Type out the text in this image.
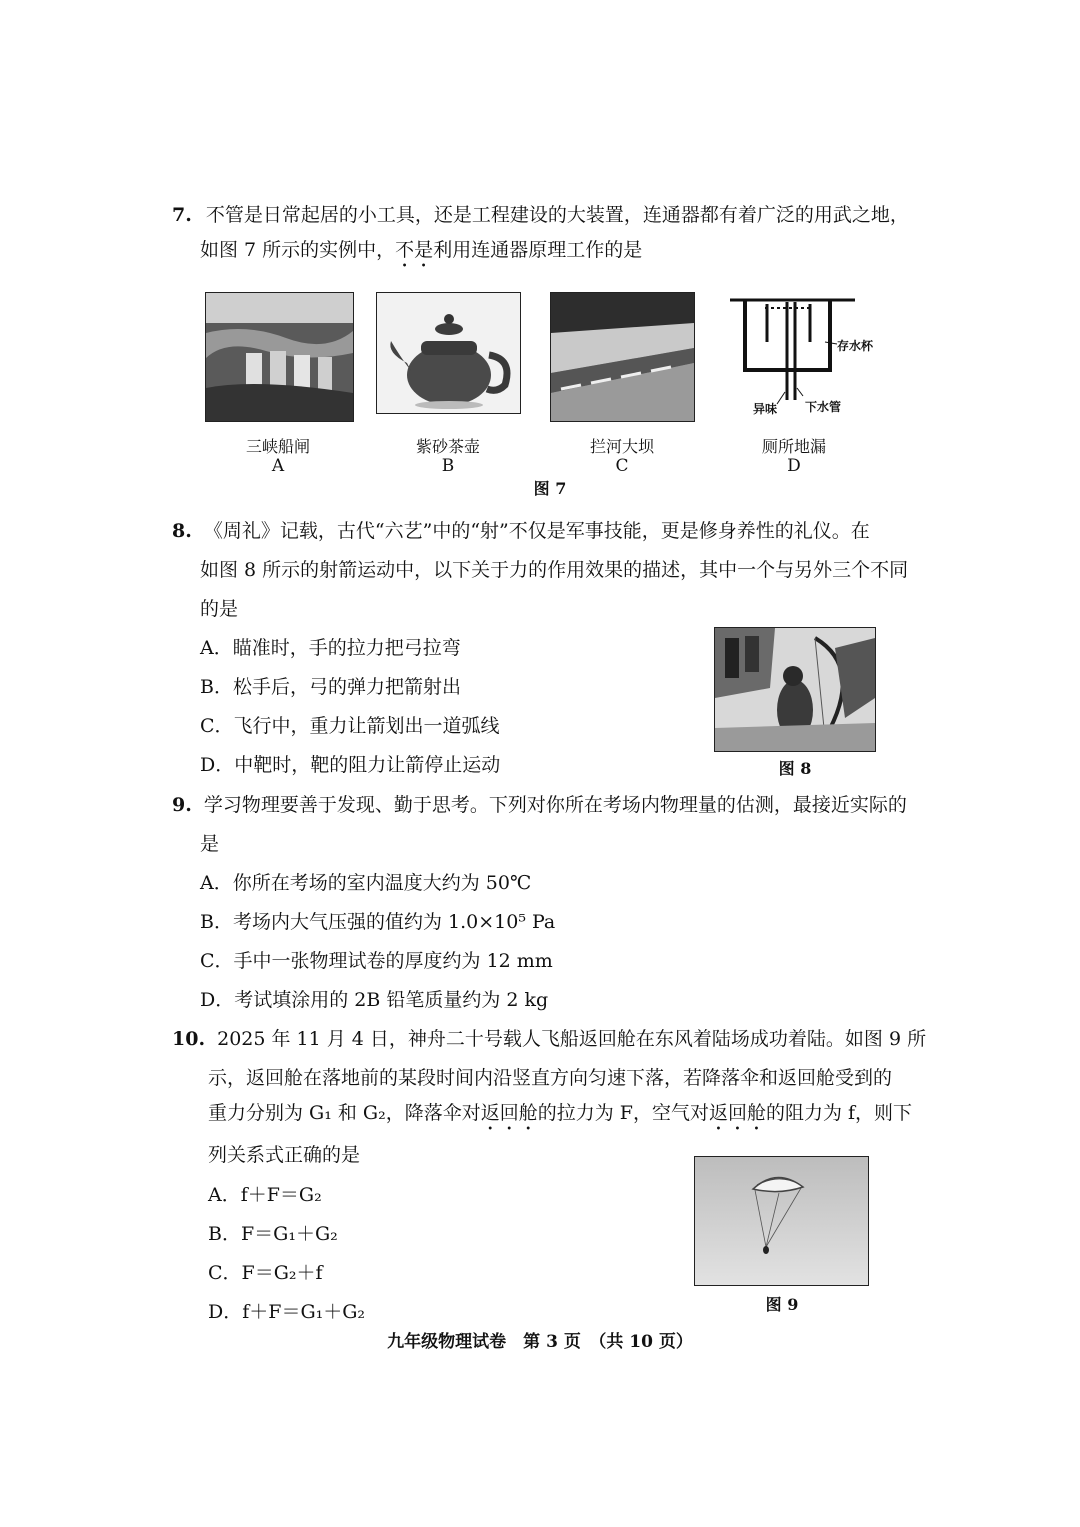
7. 不管是日常起居的小工具，还是工程建设的大装置，连通器都有着广泛的用武之地，
如图 7 所示的实例中，不是利用连通器原理工作的是
存水杯
异味 下水管
三峡船闸
A
紫砂茶壶
B
拦河大坝
C
厕所地漏
D
图 7
8. 《周礼》记载，古代“六艺”中的“射”不仅是军事技能，更是修身养性的礼仪。在
如图 8 所示的射箭运动中，以下关于力的作用效果的描述，其中一个与另外三个不同
的是
A．瞄准时，手的拉力把弓拉弯
B．松手后，弓的弹力把箭射出
C．飞行中，重力让箭划出一道弧线
D．中靶时，靶的阻力让箭停止运动	图 8
9. 学习物理要善于发现、勤于思考。下列对你所在考场内物理量的估测，最接近实际的
是
A．你所在考场的室内温度大约为 50℃
B．考场内大气压强的值约为 1.0×10⁵ Pa
C．手中一张物理试卷的厚度约为 12 mm
D．考试填涂用的 2B 铅笔质量约为 2 kg
10. 2025 年 11 月 4 日，神舟二十号载人飞船返回舱在东风着陆场成功着陆。如图 9 所
示，返回舱在落地前的某段时间内沿竖直方向匀速下落，若降落伞和返回舱受到的
重力分别为 G₁ 和 G₂，降落伞对返回舱的拉力为 F，空气对返回舱的阻力为 f，则下
列关系式正确的是
A．f＋F＝G₂
B．F＝G₁＋G₂
C．F＝G₂＋f
D．f＋F＝G₁＋G₂	图 9
九年级物理试卷　第 3 页　（共 10 页）
